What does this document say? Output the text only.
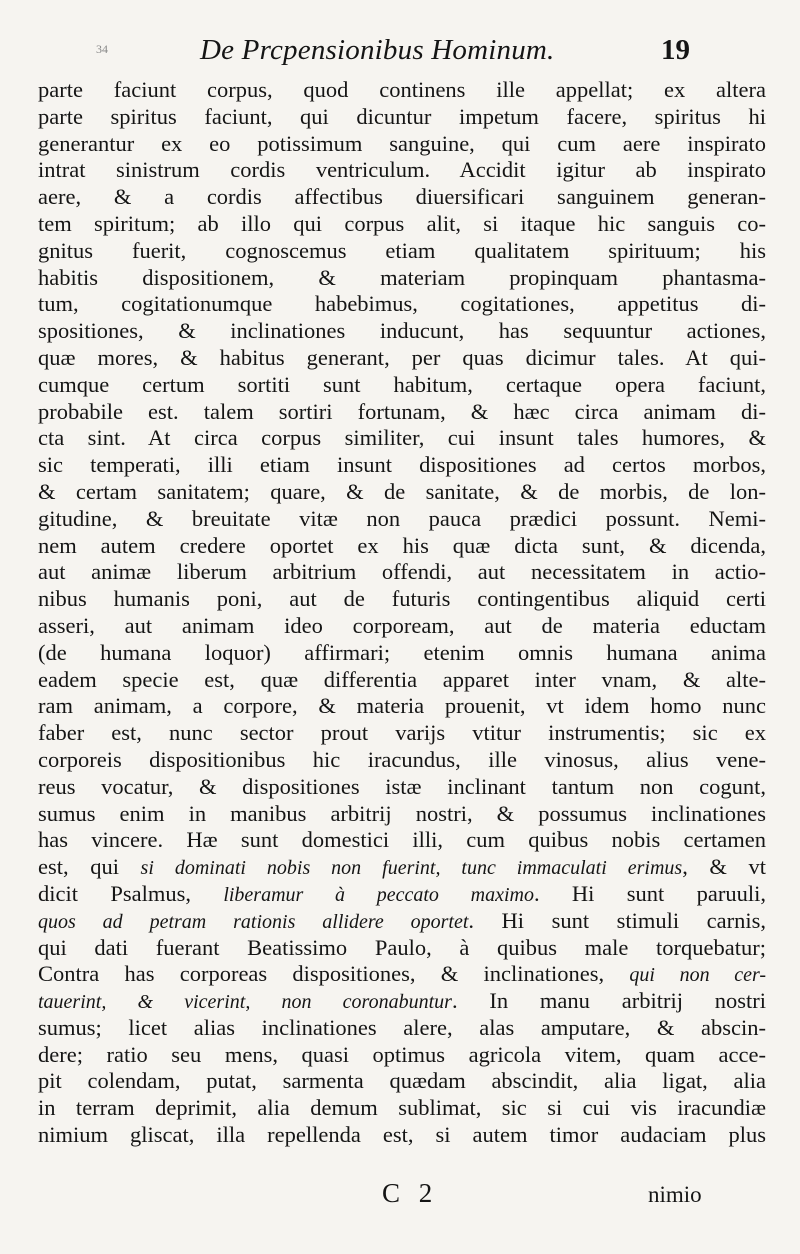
34	De Prcpensionibus Hominum.	19
parte faciunt corpus, quod continens ille appellat; ex altera
parte spiritus faciunt, qui dicuntur impetum facere, spiritus hi
generantur ex eo potissimum sanguine, qui cum aere inspirato
intrat sinistrum cordis ventriculum. Accidit igitur ab inspirato
aere, & a cordis affectibus diuersificari sanguinem generan-
tem spiritum; ab illo qui corpus alit, si itaque hic sanguis co-
gnitus fuerit, cognoscemus etiam qualitatem spirituum; his
habitis dispositionem, & materiam propinquam phantasma-
tum, cogitationumque habebimus, cogitationes, appetitus di-
spositiones, & inclinationes inducunt, has sequuntur actiones,
quæ mores, & habitus generant, per quas dicimur tales. At qui-
cumque certum sortiti sunt habitum, certaque opera faciunt,
probabile est. talem sortiri fortunam, & hæc circa animam di-
cta sint. At circa corpus similiter, cui insunt tales humores, &
sic temperati, illi etiam insunt dispositiones ad certos morbos,
& certam sanitatem; quare, & de sanitate, & de morbis, de lon-
gitudine, & breuitate vitæ non pauca prædici possunt. Nemi-
nem autem credere oportet ex his quæ dicta sunt, & dicenda,
aut animæ liberum arbitrium offendi, aut necessitatem in actio-
nibus humanis poni, aut de futuris contingentibus aliquid certi
asseri, aut animam ideo corpoream, aut de materia eductam
(de humana loquor) affirmari; etenim omnis humana anima
eadem specie est, quæ differentia apparet inter vnam, & alte-
ram animam, a corpore, & materia prouenit, vt idem homo nunc
faber est, nunc sector prout varijs vtitur instrumentis; sic ex
corporeis dispositionibus hic iracundus, ille vinosus, alius vene-
reus vocatur, & dispositiones istæ inclinant tantum non cogunt,
sumus enim in manibus arbitrij nostri, & possumus inclinationes
has vincere. Hæ sunt domestici illi, cum quibus nobis certamen
est, qui si dominati nobis non fuerint, tunc immaculati erimus, & vt
dicit Psalmus, liberamur à peccato maximo. Hi sunt paruuli,
quos ad petram rationis allidere oportet. Hi sunt stimuli carnis,
qui dati fuerant Beatissimo Paulo, à quibus male torquebatur;
Contra has corporeas dispositiones, & inclinationes, qui non cer-
tauerint, & vicerint, non coronabuntur. In manu arbitrij nostri
sumus; licet alias inclinationes alere, alas amputare, & abscin-
dere; ratio seu mens, quasi optimus agricola vitem, quam acce-
pit colendam, putat, sarmenta quædam abscindit, alia ligat, alia
in terram deprimit, alia demum sublimat, sic si cui vis iracundiæ
nimium gliscat, illa repellenda est, si autem timor audaciam plus
C 2	nimio
